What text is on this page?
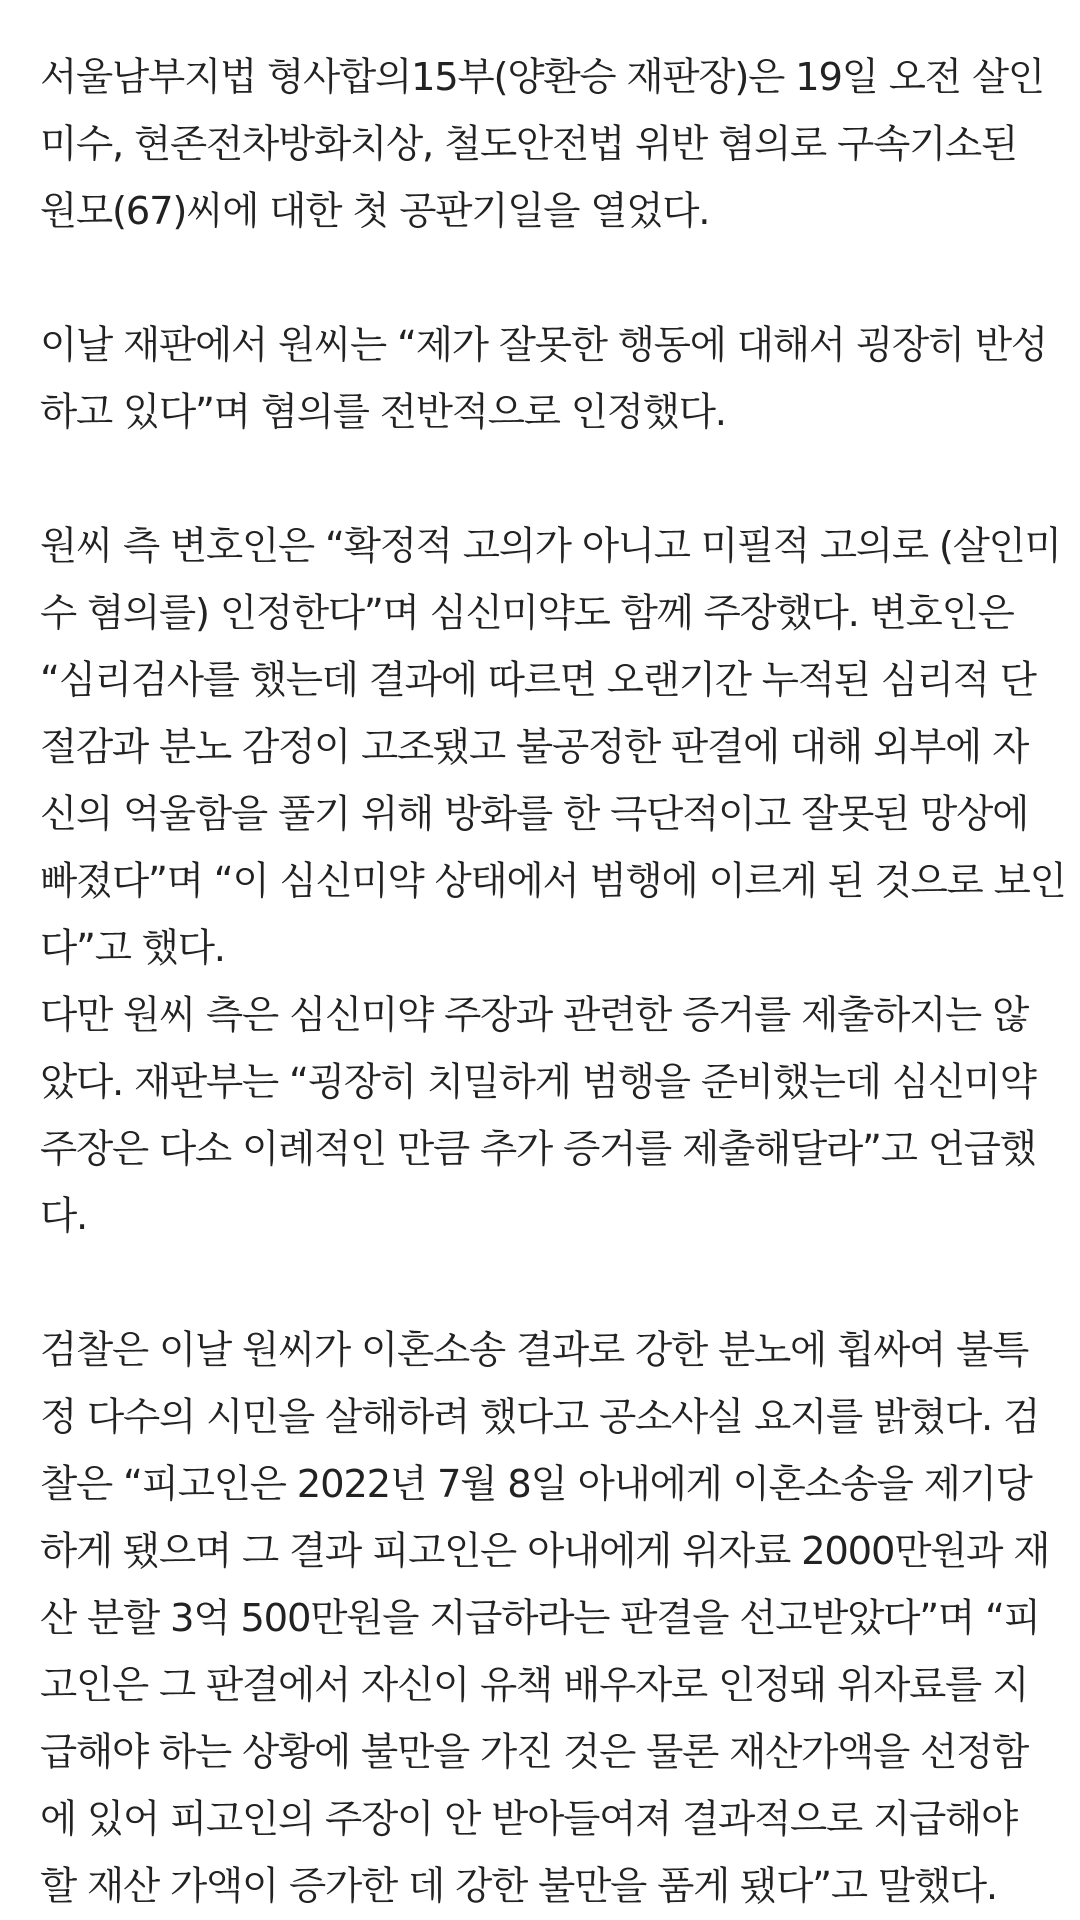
서울남부지법 형사합의15부(양환승 재판장)은 19일 오전 살인
미수, 현존전차방화치상, 철도안전법 위반 혐의로 구속기소된
원모(67)씨에 대한 첫 공판기일을 열었다.

이날 재판에서 원씨는 “제가 잘못한 행동에 대해서 굉장히 반성
하고 있다”며 혐의를 전반적으로 인정했다.

원씨 측 변호인은 “확정적 고의가 아니고 미필적 고의로 (살인미
수 혐의를) 인정한다”며 심신미약도 함께 주장했다. 변호인은
“심리검사를 했는데 결과에 따르면 오랜기간 누적된 심리적 단
절감과 분노 감정이 고조됐고 불공정한 판결에 대해 외부에 자
신의 억울함을 풀기 위해 방화를 한 극단적이고 잘못된 망상에
빠졌다”며 “이 심신미약 상태에서 범행에 이르게 된 것으로 보인
다”고 했다.

다만 원씨 측은 심신미약 주장과 관련한 증거를 제출하지는 않
았다. 재판부는 “굉장히 치밀하게 범행을 준비했는데 심신미약
주장은 다소 이례적인 만큼 추가 증거를 제출해달라”고 언급했
다.

검찰은 이날 원씨가 이혼소송 결과로 강한 분노에 휩싸여 불특
정 다수의 시민을 살해하려 했다고 공소사실 요지를 밝혔다. 검
찰은 “피고인은 2022년 7월 8일 아내에게 이혼소송을 제기당
하게 됐으며 그 결과 피고인은 아내에게 위자료 2000만원과 재
산 분할 3억 500만원을 지급하라는 판결을 선고받았다”며 “피
고인은 그 판결에서 자신이 유책 배우자로 인정돼 위자료를 지
급해야 하는 상황에 불만을 가진 것은 물론 재산가액을 선정함
에 있어 피고인의 주장이 안 받아들여져 결과적으로 지급해야
할 재산 가액이 증가한 데 강한 불만을 품게 됐다”고 말했다.
